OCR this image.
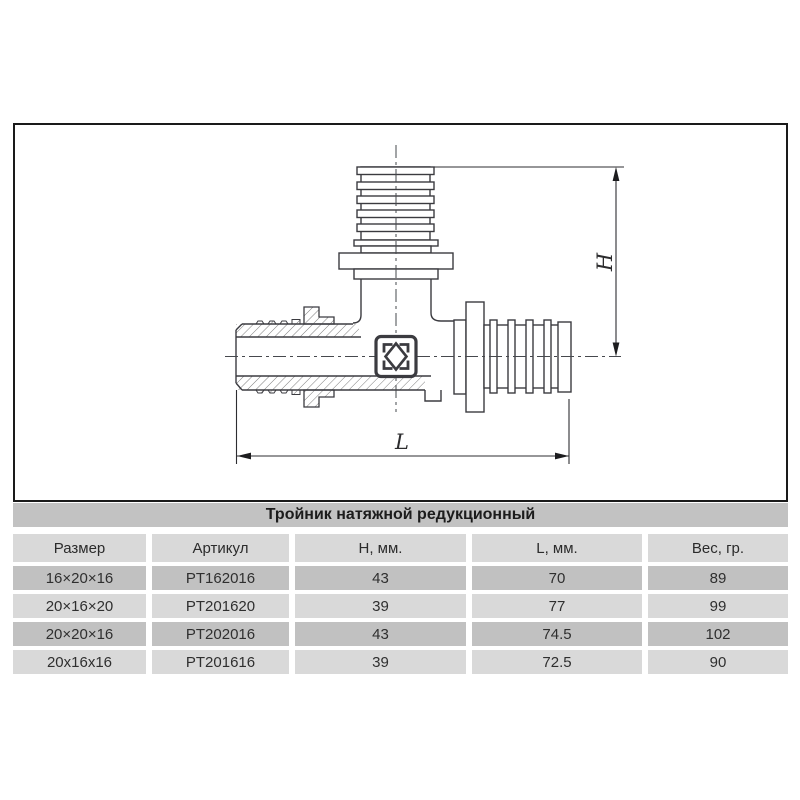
H
L
Тройник натяжной редукционный
Размер	Артикул	H, мм.	L, мм.	Вес, гр.
16×20×16	PT162016	43	70	89
20×16×20	PT201620	39	77	99
20×20×16	PT202016	43	74.5	102
20x16x16	PT201616	39	72.5	90
